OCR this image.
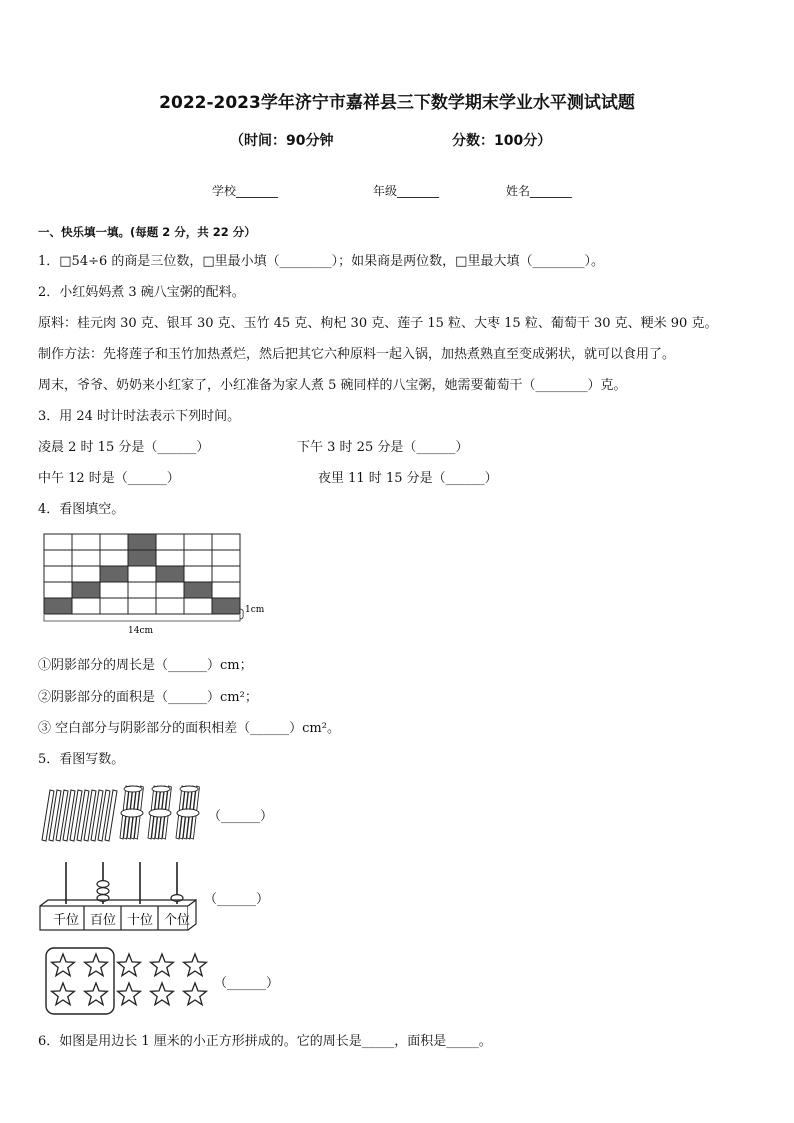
2022-2023学年济宁市嘉祥县三下数学期末学业水平测试试题
（时间：90分钟	分数：100分）
学校_______	年级_______	姓名_______
一、快乐填一填。(每题 2 分，共 22 分）
1．□54÷6 的商是三位数，□里最小填（________）；如果商是两位数，□里最大填（________）。
2．小红妈妈煮 3 碗八宝粥的配料。
原料：桂元肉 30 克、银耳 30 克、玉竹 45 克、枸杞 30 克、莲子 15 粒、大枣 15 粒、葡萄干 30 克、粳米 90 克。
制作方法：先将莲子和玉竹加热煮烂，然后把其它六种原料一起入锅，加热煮熟直至变成粥状，就可以食用了。
周末，爷爷、奶奶来小红家了，小红准备为家人煮 5 碗同样的八宝粥，她需要葡萄干（________）克。
3．用 24 时计时法表示下列时间。
凌晨 2 时 15 分是（______）	下午 3 时 25 分是（______）
中午 12 时是（______）	夜里 11 时 15 分是（______）
4．看图填空。
1cm
14cm
①阴影部分的周长是（______）cm；
②阴影部分的面积是（______）cm²；
③ 空白部分与阴影部分的面积相差（______）cm²。
5．看图写数。
（______）
千位 百位 十位 个位
（______）
（______）
6．如图是用边长 1 厘米的小正方形拼成的。它的周长是_____，面积是_____。
